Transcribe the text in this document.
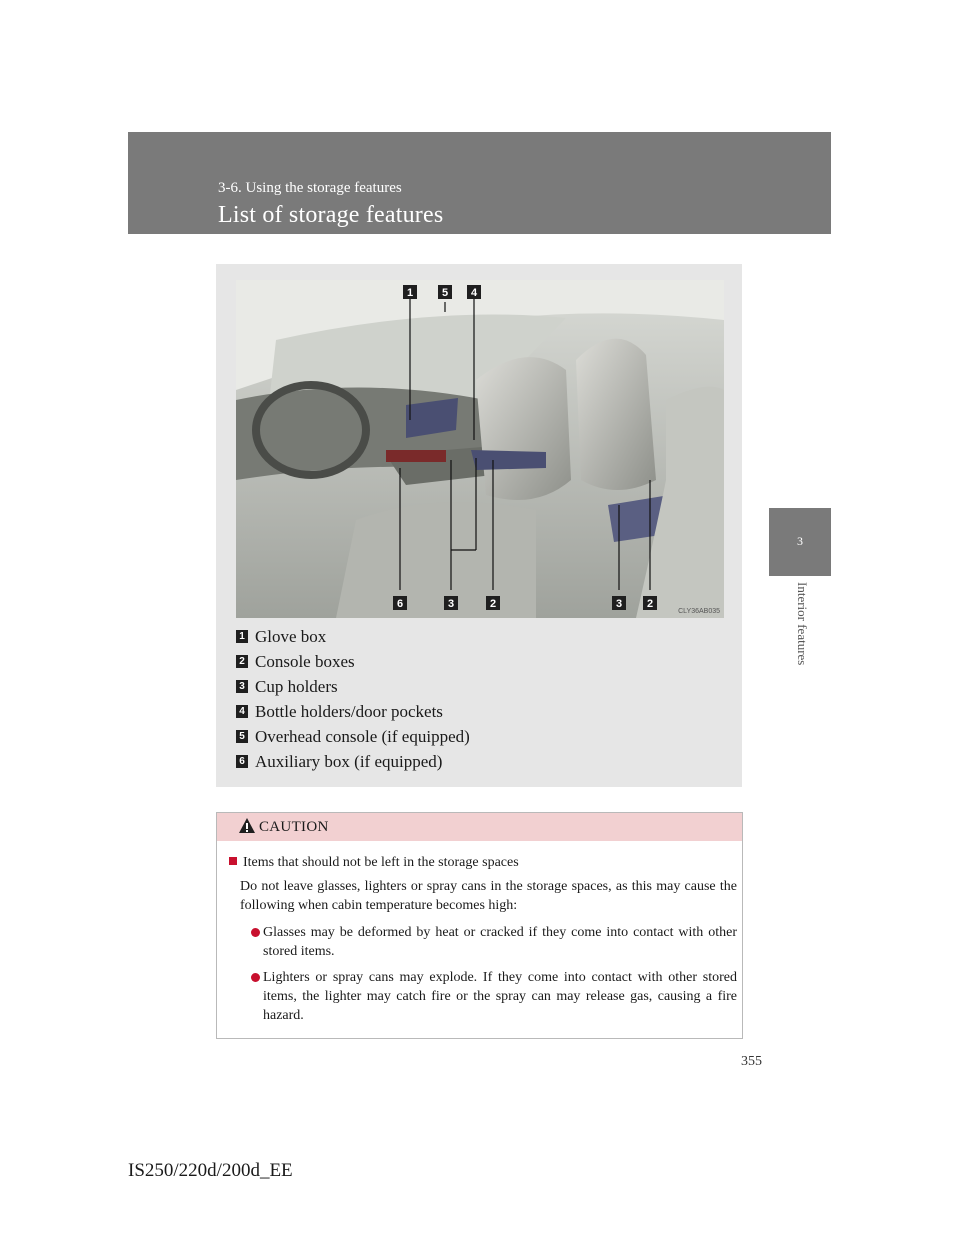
3-6. Using the storage features
List of storage features
3
Interior features
1	5 4
6	3	2	3 2
CLY36AB035
1 Glove box
2 Console boxes
3 Cup holders
4 Bottle holders/door pockets
5 Overhead console (if equipped)
6 Auxiliary box (if equipped)
CAUTION
Items that should not be left in the storage spaces
Do not leave glasses, lighters or spray cans in the storage spaces, as this may cause the following when cabin temperature becomes high:
Glasses may be deformed by heat or cracked if they come into contact with other stored items.
Lighters or spray cans may explode. If they come into contact with other stored items, the lighter may catch fire or the spray can may release gas, causing a fire hazard.
355
IS250/220d/200d_EE
